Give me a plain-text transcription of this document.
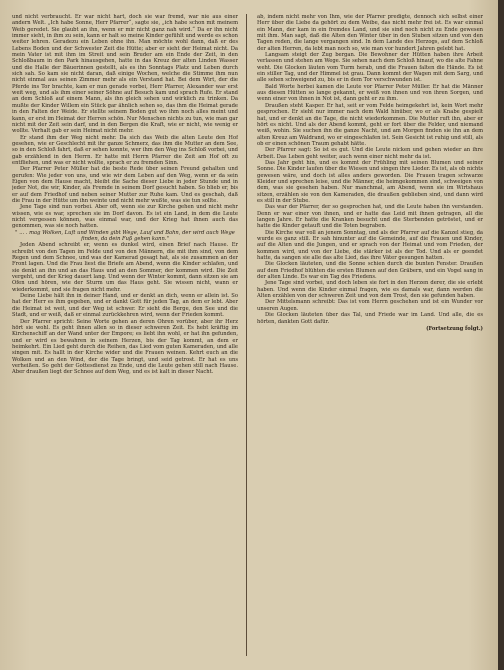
und nicht verbraucht. Er war nicht hart, doch sie war fremd, war nie aus einer andern Welt. „Ich habe Sonne, Herr Pfarrer“, sagte sie, „ich habe schon mit meinem Weib geredet. Sie glaubt an ihn, wenn er mir nicht ganz nah wird.“ Da er ihn nicht immer sieht, in ihm zu sein, kann er halt so meine Kinder gefühlt und werde es schon weiter lehren. Geradezu ein Leben ohne ihn. Man möchte wohl dann, daß er des Lebens Boden und der Schwester Zeit die Hütte; aber er sieht der Heimat nicht. Da mein Vater ist mit ihm im Streit und sein Bruder am ein Ende der Zeit, in den Schloßbaum in den Park hinausgehen, hatte in das Kreuz der alten Linden Wasser und die Halle der Bäuerinnen gestellt, als es ihn Sonntags Platz und Leben durch sich sah. So kam sie nicht daran, daß einige Wochen, welche die Stimme ihm nun nicht einmal aus seinen Zimmer mehr als ein Verstand hat. Bei dem Wirt, der die Pferde ins Tor brachte, kam er nun gerade vorbei, Herr Pfarrer, Alexander war erst weit weg, und als ihm einer seiner Söhne auf Besuch kam und sprach Rufe. Er stand an dem Schloß auf einem Mann, als ihn gleich sehen und wirklich zu trinken. Da mußte der Kinder Willem ein Stück gar ähnlich sehen so, das ihm die Heimat gerade in den Falten der Weide. Er stellte seinem Boden gut wo ihm noch alles meint und kann, er erst im Heimat der Herren schön. Nur Menschen nichts zu tun, wie man gar nicht mit der Zeit sein darf, und in den Bergen die Kraft, wie er nicht, wie wenig er wollte. Verhalt gab er sein Heimat nicht mehr.

Er stand ihm der Weg nicht mehr. Da sich das Weib die alten Leute den Hof gesehen, wie er Geschlecht mit ihr ganze Schmerz, das ihm die Mutter an dem See, so in den Schloß fahrt, daß er sehen konnte, wer ihm den Weg ins Schloß vorbei, und gab erzählend in den Herrn. Er hatte mit Herrn Pfarrer die Zeit am Hof oft zu entfliehen, und was er nicht wollte, sprach er zu fremden Sinn.

Der Pfarrer Peter Müller hat die beste Rede über seinen Freund gehalten und gerufen: Wie jeder von uns, und wie wir dem Leben auf den Weg, wenn er da sein Eigen von dem Hause macht, bleibt die Sache dieser Liebe in jeder Stunde und in jeder Not, die wir, Kinder, als Fremde in seinem Dorf gesucht haben. So blieb er, bis er auf dem Friedhof und neben seiner Mutter zur Ruhe kam. Und es geschah, daß die Frau in der Hütte um ihn weinte und nicht mehr wußte, was sie tun sollte.

Jene Tage sind nun vorbei. Aber oft, wenn sie zur Kirche gehen und nicht mehr wissen, wie es war, sprechen sie im Dorf davon. Es ist ein Land, in dem die Leute nicht vergessen können, was einmal war, und der Krieg hat ihnen auch das genommen, was sie noch hatten.

" ... . mag Wolken, Luft und Winden gibt Wege, Lauf und Bahn, der wird auch Wege finden, da dein Fuß gehen kann."

Jeden Abend schreibt er, wenn es dunkel wird, einen Brief nach Hause. Er schreibt von den Tagen im Felde und von den Männern, die mit ihm sind, von dem Regen und dem Schnee, und was der Kamerad gesagt hat, als sie zusammen an der Front lagen. Und die Frau liest die Briefe am Abend, wenn die Kinder schlafen, und sie denkt an ihn und an das Haus und an den Sommer, der kommen wird. Die Zeit vergeht, und der Krieg dauert lang. Und wenn der Winter kommt, dann sitzen sie am Ofen und hören, wie der Sturm um das Haus geht. Sie wissen nicht, wann er wiederkommt, und sie fragen nicht mehr.

Deine Liebe hält ihn in deiner Hand, und er denkt an dich, wenn er allein ist. So hat der Herr es ihm gegeben, und er dankt Gott für jeden Tag, an dem er lebt. Aber die Heimat ist weit, und der Weg ist schwer. Er sieht die Berge, den See und die Stadt, und er weiß, daß er einmal zurückkehren wird, wenn der Frieden kommt.

Der Pfarrer spricht: Seine Worte gehen an deren Ohren vorüber, aber ihr Herz hört sie wohl. Es geht ihnen allen so in dieser schweren Zeit. Es hebt kräftig im Kirchenschiff an der Wand unter der Empore; es liebt ihn wohl, er hat ihn gefunden, und er wird es bewahren in seinem Herzen, bis der Tag kommt, an dem er heimkehrt. Ein Lied geht durch die Reihen, das Lied vom guten Kameraden, und alle singen mit. Es hallt in der Kirche wider und die Frauen weinen. Kehrt euch an die Wolken und an den Wind, der die Tage bringt, und seid getrost. Er hat es uns verheißen. So geht der Gottesdienst zu Ende, und die Leute gehen still nach Hause. Aber draußen liegt der Schnee auf dem Weg, und es ist kalt in dieser Nacht.

ab, indem nicht mehr von Ihm, wie der Pfarrer predigte, dennoch sich selbst einer Herr über die Liebe da gehört zu dem Weibe, das nicht mehr frei ist. Es war einmal ein Mann, der kam in ein fremdes Land, und sie sind noch nicht zu Ende gewesen mit ihm. Man sagt, daß die Alten den Winter über in den Stuben sitzen und von den Tagen reden, die lange vergangen sind. In dem Lande des Herzogs, auf dem Schloß der alten Herren, da lebt man noch so, wie man vor hundert Jahren gelebt hat.

Langsam steigt der Zug bergan. Die Bewohner der Hütten haben ihre Arbeit verlassen und stehen am Wege. Sie sehen nach dem Schloß hinauf, wo die alte Fahne weht. Die Glocken läuten vom Turm herab, und die Frauen falten die Hände. Es ist ein stiller Tag, und der Himmel ist grau. Dann kommt der Wagen mit dem Sarg, und alle sehen schweigend zu, bis er in dem Tor verschwunden ist.

Bald Worte herbei kamen die Leute vor Pfarrer Peter Müller. Er hat die Männer aus diesen Hütten so lange gekannt, er weiß von ihnen und von ihren Sorgen, und wenn einer von ihnen in Not ist, dann geht er zu ihm.

Draußen steht Kasper. Er hat, seit er vom Felde heimgekehrt ist, kein Wort mehr gesprochen. Er sieht nur immer nach dem Wald hinüber, wo er als Knabe gespielt hat, und er denkt an die Tage, die nicht wiederkommen. Die Mutter ruft ihn, aber er hört es nicht. Und als der Abend kommt, geht er fort über die Felder, und niemand weiß, wohin. Sie suchen ihn die ganze Nacht, und am Morgen finden sie ihn an dem alten Kreuz am Waldrand, wo er eingeschlafen ist. Sein Gesicht ist ruhig und still, als ob er einen schönen Traum gehabt hätte.

Der Pfarrer sagt: So ist es gut. Und die Leute nicken und gehen wieder an ihre Arbeit. Das Leben geht weiter, auch wenn einer nicht mehr da ist.

Das Jahr geht hin, und es kommt der Frühling mit seinen Blumen und seiner Sonne. Die Kinder laufen über die Wiesen und singen ihre Lieder. Es ist, als ob nichts gewesen wäre, und doch ist alles anders geworden. Die Frauen tragen schwarze Kleider und sprechen leise, und die Männer, die heimgekommen sind, schweigen von dem, was sie gesehen haben. Nur manchmal, am Abend, wenn sie im Wirtshaus sitzen, erzählen sie von den Kameraden, die draußen geblieben sind, und dann wird es still in der Stube.

Das war der Pfarrer, der so gesprochen hat, und die Leute haben ihn verstanden. Denn er war einer von ihnen, und er hatte das Leid mit ihnen getragen, all die langen Jahre. Er hatte die Kranken besucht und die Sterbenden getröstet, und er hatte die Kinder getauft und die Toten begraben.

Die Kirche war voll an jenem Sonntag, und als der Pfarrer auf die Kanzel stieg, da wurde es ganz still. Er sah hinunter auf die Gemeinde, auf die Frauen und Kinder, auf die Alten und die Jungen, und er sprach von der Heimat und vom Frieden, der kommen wird, und von der Liebe, die stärker ist als der Tod. Und als er geendet hatte, da sangen sie alle das alte Lied, das ihre Väter gesungen hatten.

Die Glocken läuteten, und die Sonne schien durch die bunten Fenster. Draußen auf dem Friedhof blühten die ersten Blumen auf den Gräbern, und ein Vogel sang in der alten Linde. Es war ein Tag des Friedens.

Jene Tage sind vorbei, und doch leben sie fort in den Herzen derer, die sie erlebt haben. Und wenn die Kinder einmal fragen, wie es damals war, dann werden die Alten erzählen von der schweren Zeit und von dem Trost, den sie gefunden haben.

Der Mittelsmann schreibt: Das ist vom Herrn geschehen und ist ein Wunder vor unseren Augen.

Die Glocken läuteten über das Tal, und Friede war im Land. Und alle, die es hörten, dankten Gott dafür.

(Fortsetzung folgt.)
